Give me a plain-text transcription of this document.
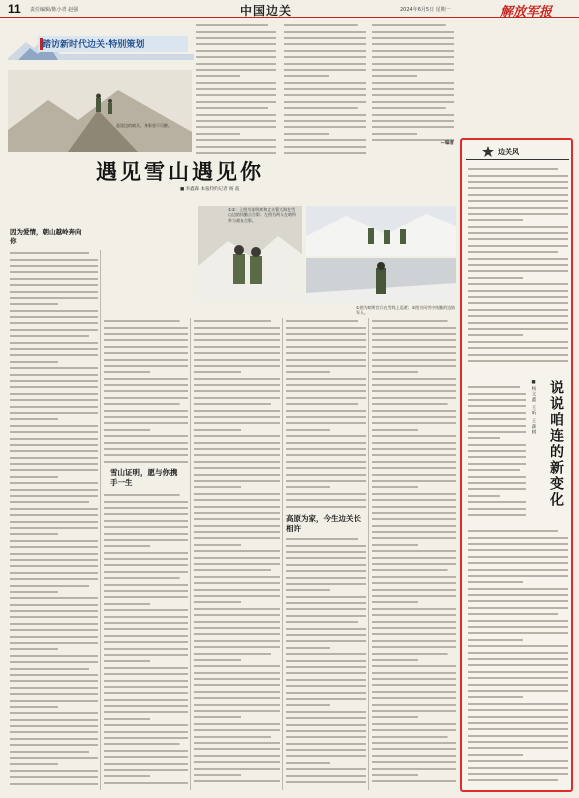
11 责任编辑/陈小青 赵强	中国边关	2024年6月5日 星期一	解放军报
踏访新时代边关·特别策划
悬崖边的哨兵，身影坚不可摧。
—编者
遇见雪山遇见你
■ 李鑫森 本报特约记者 杨 波
①②：上图为张明欢和丈夫曹大海在雪山边防执勤点合影；左图为两人在哨所外与战友合影。
①图为哨所官兵在雪线上巡逻；②图为风雪中执勤的边防军人。
因为爱情，朝山越岭奔向你
雪山证明，愿与你携手一生
高原为家，今生边关长相许
边关风
说说咱连的新变化
■杨义鑫 王昕 王森棋
